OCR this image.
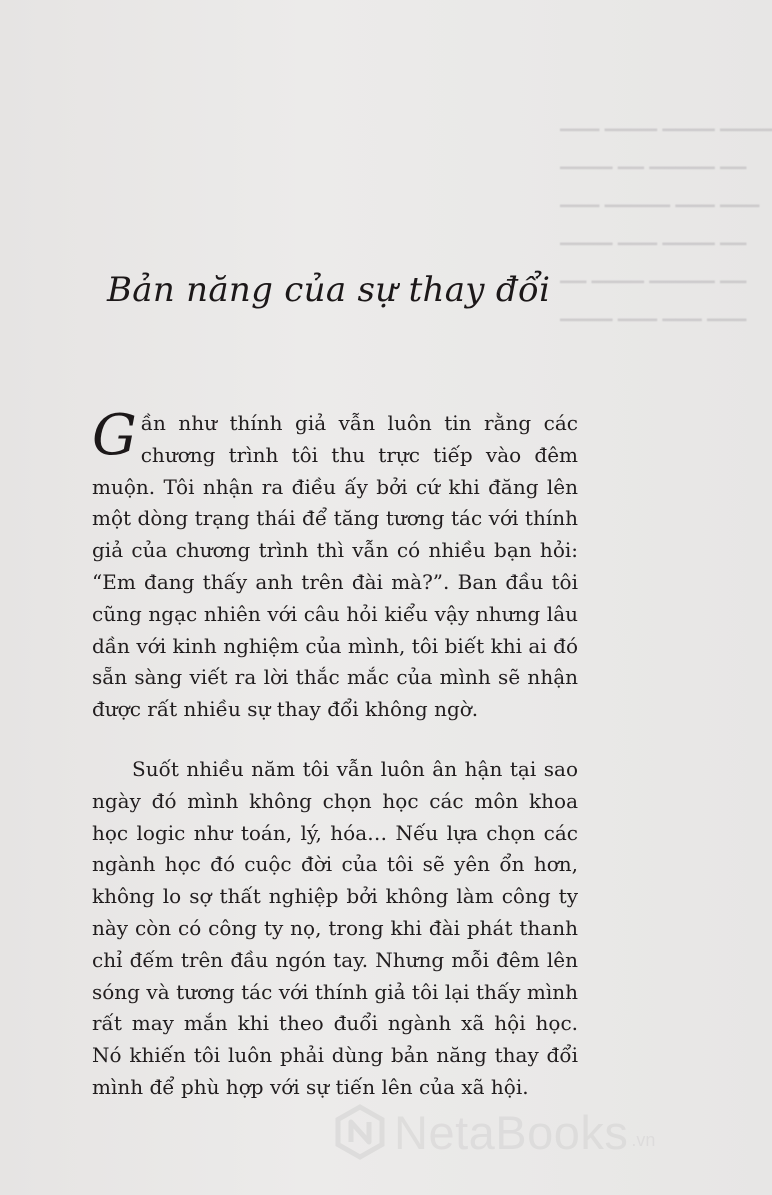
▁▁▁ ▁▁▁▁ ▁▁▁▁ ▁▁▁▁
▁▁▁▁ ▁▁ ▁▁▁▁▁ ▁▁
▁▁▁ ▁▁▁▁▁ ▁▁▁ ▁▁▁
▁▁▁▁ ▁▁▁ ▁▁▁▁ ▁▁
▁▁ ▁▁▁▁ ▁▁▁▁▁ ▁▁
▁▁▁▁ ▁▁▁ ▁▁▁ ▁▁▁
Bản năng của sự thay đổi

Gần như thính giả vẫn luôn tin rằng các chương trình tôi thu trực tiếp vào đêm muộn. Tôi nhận ra điều ấy bởi cứ khi đăng lên một dòng trạng thái để tăng tương tác với thính giả của chương trình thì vẫn có nhiều bạn hỏi: “Em đang thấy anh trên đài mà?”. Ban đầu tôi cũng ngạc nhiên với câu hỏi kiểu vậy nhưng lâu dần với kinh nghiệm của mình, tôi biết khi ai đó sẵn sàng viết ra lời thắc mắc của mình sẽ nhận được rất nhiều sự thay đổi không ngờ.

Suốt nhiều năm tôi vẫn luôn ân hận tại sao ngày đó mình không chọn học các môn khoa học logic như toán, lý, hóa… Nếu lựa chọn các ngành học đó cuộc đời của tôi sẽ yên ổn hơn, không lo sợ thất nghiệp bởi không làm công ty này còn có công ty nọ, trong khi đài phát thanh chỉ đếm trên đầu ngón tay. Nhưng mỗi đêm lên sóng và tương tác với thính giả tôi lại thấy mình rất may mắn khi theo đuổi ngành xã hội học. Nó khiến tôi luôn phải dùng bản năng thay đổi mình để phù hợp với sự tiến lên của xã hội.

NetaBooks .vn
